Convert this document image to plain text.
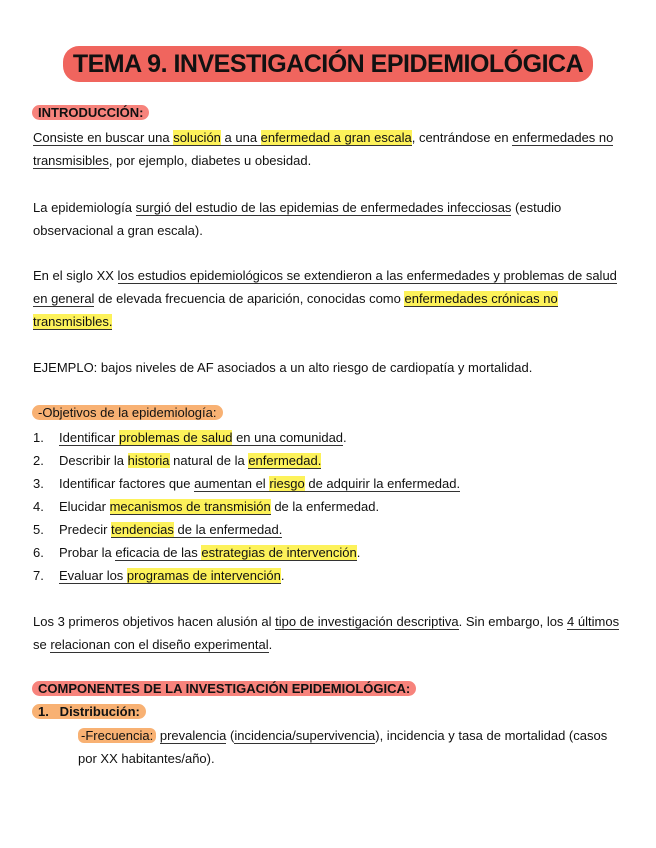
TEMA 9. INVESTIGACIÓN EPIDEMIOLÓGICA
INTRODUCCIÓN:
Consiste en buscar una solución a una enfermedad a gran escala, centrándose en enfermedades no transmisibles, por ejemplo, diabetes u obesidad.
La epidemiología surgió del estudio de las epidemias de enfermedades infecciosas (estudio observacional a gran escala).
En el siglo XX los estudios epidemiológicos se extendieron a las enfermedades y problemas de salud en general de elevada frecuencia de aparición, conocidas como enfermedades crónicas no transmisibles.
EJEMPLO: bajos niveles de AF asociados a un alto riesgo de cardiopatía y mortalidad.
-Objetivos de la epidemiología:
1. Identificar problemas de salud en una comunidad.
2. Describir la historia natural de la enfermedad.
3. Identificar factores que aumentan el riesgo de adquirir la enfermedad.
4. Elucidar mecanismos de transmisión de la enfermedad.
5. Predecir tendencias de la enfermedad.
6. Probar la eficacia de las estrategias de intervención.
7. Evaluar los programas de intervención.
Los 3 primeros objetivos hacen alusión al tipo de investigación descriptiva. Sin embargo, los 4 últimos se relacionan con el diseño experimental.
COMPONENTES DE LA INVESTIGACIÓN EPIDEMIOLÓGICA:
1.   Distribución:
-Frecuencia: prevalencia (incidencia/supervivencia), incidencia y tasa de mortalidad (casos por XX habitantes/año).
